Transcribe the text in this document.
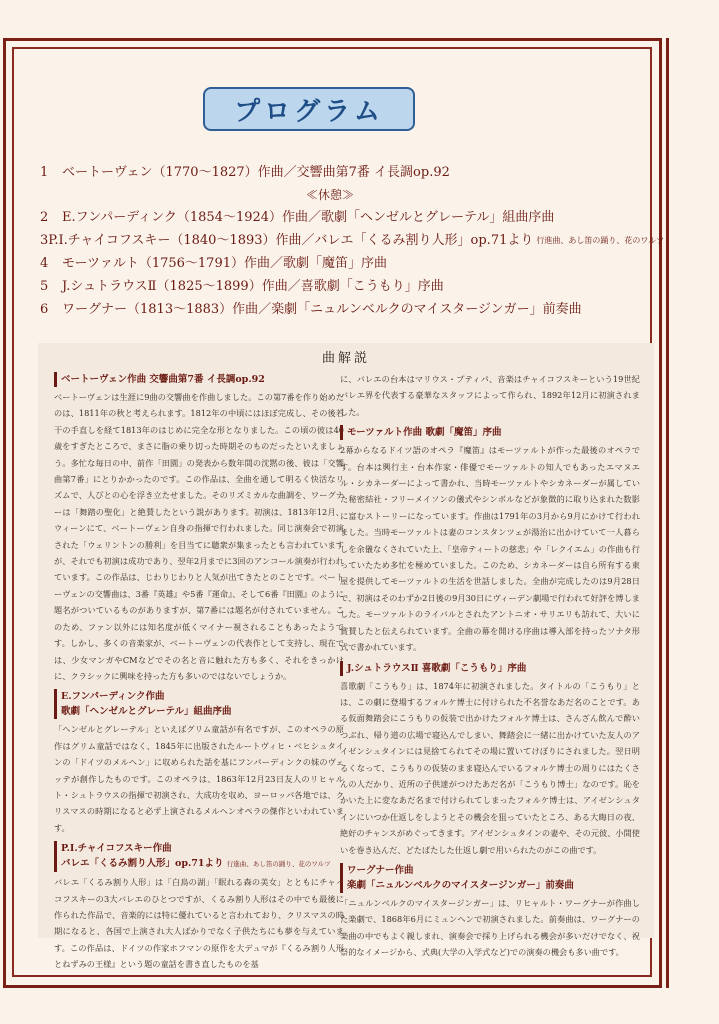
プログラム
1	ベートーヴェン（1770～1827）作曲／交響曲第7番 イ長調op.92
≪休憩≫
2	E.フンパーディンク（1854～1924）作曲／歌劇「ヘンゼルとグレーテル」組曲序曲
3 P.I.チャイコフスキー（1840～1893）作曲／バレエ「くるみ割り人形」op.71より 行進曲、あし笛の踊り、花のワルツ
4	モーツァルト（1756～1791）作曲／歌劇「魔笛」序曲
5	J.シュトラウスⅡ（1825～1899）作曲／喜歌劇「こうもり」序曲
6	ワーグナー（1813～1883）作曲／楽劇「ニュルンベルクのマイスタージンガー」前奏曲
曲解説
ベートーヴェン作曲 交響曲第7番 イ長調op.92

ベートーヴェンは生涯に9曲の交響曲を作曲しました。この第7番を作り始めたのは、1811年の秋と考えられます。1812年の中頃にはほぼ完成し、その後若干の手直しを経て1813年のはじめに完全な形となりました。この頃の彼は40歳をすぎたところで、まさに脂の乗り切った時期そのものだったといえましょう。多忙な毎日の中、前作「田園」の発表から数年間の沈黙の後、彼は「交響曲第7番」にとりかかったのです。この作品は、全曲を通して明るく快活なリズムで、人びとの心を浮き立たせました。そのリズミカルな曲調を、ワーグナーは「舞踏の聖化」と絶賛したという説があります。初演は、1813年12月、ウィーンにて、ベートーヴェン自身の指揮で行われました。同じ演奏会で初演された「ウェリントンの勝利」を目当てに聴衆が集まったとも言われていますが、それでも初演は成功であり、翌年2月までに3回のアンコール演奏が行われています。この作品は、じわりじわりと人気が出てきたとのことです。ベートーヴェンの交響曲は、3番『英雄』や5番『運命』、そして6番『田園』のように題名がついているものがありますが、第7番には題名が付されていません。このため、ファン以外には知名度が低くマイナー視されることもあったようです。しかし、多くの音楽家が、ベートーヴェンの代表作として支持し、現在では、少女マンガやCMなどでその名と音に触れた方も多く、それをきっかけに、クラシックに興味を持った方も多いのではないでしょうか。

E.フンパーディンク作曲
歌劇「ヘンゼルとグレーテル」組曲序曲

「ヘンゼルとグレーテル」といえばグリム童話が有名ですが、このオペラの原作はグリム童話ではなく、1845年に出版されたルートヴィヒ・ベヒシュタインの「ドイツのメルヘン」に収められた話を基にフンパーディンクの妹のヴェッテが創作したものです。このオペラは、1863年12月23日友人のリヒャルト・シュトラウスの指揮で初演され、大成功を収め、ヨーロッパ各地では、クリスマスの時期になると必ず上演されるメルヘンオペラの傑作といわれています。

P.I.チャイコフスキー作曲
バレエ「くるみ割り人形」op.71より 行進曲、あし笛の踊り、花のワルツ

バレエ「くるみ割り人形」は「白鳥の湖」「眠れる森の美女」とともにチャイコフスキーの3大バレエのひとつですが、くるみ割り人形はその中でも最後に作られた作品で、音楽的には特に優れていると言われており、クリスマスの時期になると、各国で上演され大人ばかりでなく子供たちにも夢を与えています。この作品は、ドイツの作家ホフマンの原作を大デュマが『くるみ割り人形とねずみの王様』という題の童話を書き直したものを基

に、バレエの台本はマリウス・プティパ、音楽はチャイコフスキーという19世紀バレエ界を代表する豪華なスタッフによって作られ、1892年12月に初演されました。

モーツァルト作曲 歌劇「魔笛」序曲

2幕からなるドイツ語のオペラ『魔笛』はモーツァルトが作った最後のオペラです。台本は興行主・台本作家・俳優でモーツァルトの知人でもあったエマヌエル・シカネーダーによって書かれ、当時モーツァルトやシカネーダーが属していた秘密結社・フリーメイソンの儀式やシンボルなどが象徴的に取り込まれた数影に富むストーリーになっています。作曲は1791年の3月から9月にかけて行われました。当時モーツァルトは妻のコンスタンツェが湯治に出かけていて一人暮らしを余儀なくされていた上、「皇帝ティートの慈悲」や「レクイエム」の作曲も行っていたため多忙を極めていました。このため、シカネーダーは自ら所有する東屋を提供してモーツァルトの生活を世話しました。全曲が完成したのは9月28日で、初演はそのわずか2日後の9月30日にヴィーデン劇場で行われて好評を博しました。モーツァルトのライバルとされたアントニオ・サリエリも訪れて、大いに賞賛したと伝えられています。全曲の幕を開ける序曲は導入部を持ったソナタ形式で書かれています。

J.シュトラウスⅡ 喜歌劇「こうもり」序曲

喜歌劇「こうもり」は、1874年に初演されました。タイトルの「こうもり」とは、この劇に登場するフォルケ博士に付けられた不名誉なあだ名のことです。ある仮面舞踏会にこうもりの仮装で出かけたフォルケ博士は、さんざん飲んで酔いつぶれ、帰り道の広場で寝込んでしまい、舞踏会に一緒に出かけていた友人のアイゼンシュタインには見捨てられてその場に置いてけぼりにされました。翌日明るくなって、こうもりの仮装のまま寝込んでいるフォルケ博士の周りにはたくさんの人だかり、近所の子供達がつけたあだ名が「こうもり博士」なのです。恥をかいた上に変なあだ名まで付けられてしまったフォルケ博士は、アイゼンシュタインにいつか仕返しをしようとその機会を狙っていたところ、ある大晦日の夜、絶好のチャンスがめぐってきます。アイゼンシュタインの妻や、その元彼、小間使いを巻き込んだ、どたばたした仕返し劇で用いられたのがこの曲です。

ワーグナー作曲
楽劇「ニュルンベルクのマイスタージンガー」前奏曲

「ニュルンベルクのマイスタージンガー」は、リヒャルト・ワーグナーが作曲した楽劇で、1868年6月にミュンヘンで初演されました。前奏曲は、ワーグナーの楽曲の中でもよく親しまれ、演奏会で採り上げられる機会が多いだけでなく、祝祭的なイメージから、式典(大学の入学式など)での演奏の機会も多い曲です。
